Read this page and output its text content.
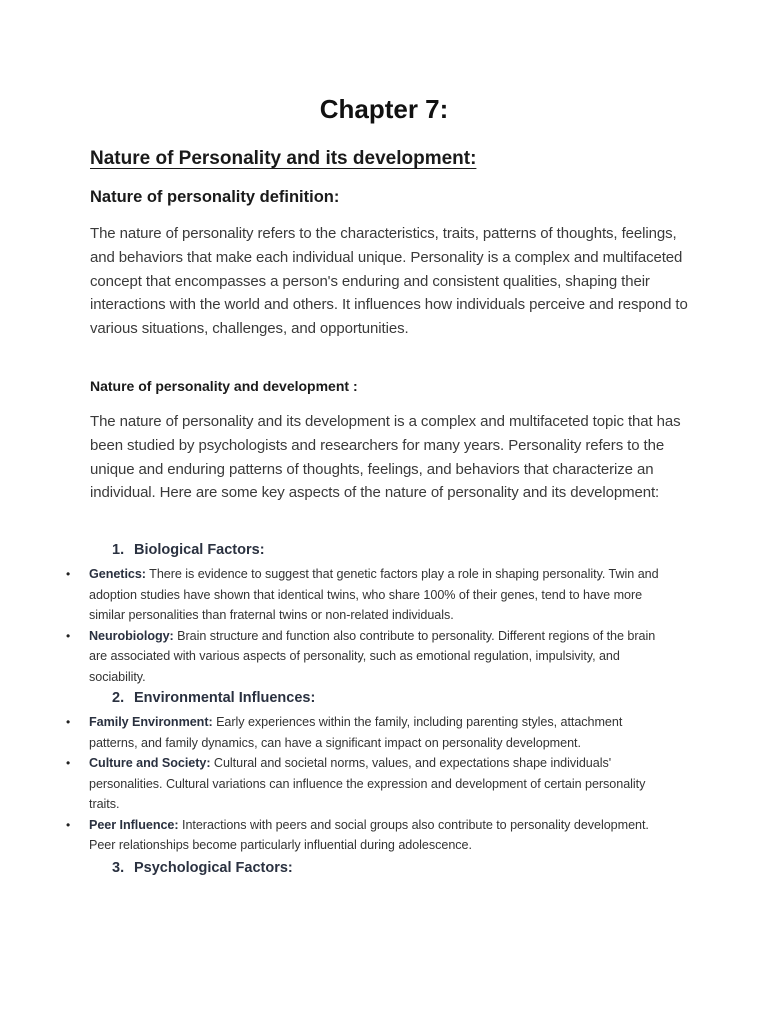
Chapter 7:
Nature of Personality and its development:
Nature of personality definition:

The nature of personality refers to the characteristics, traits, patterns of thoughts, feelings, and behaviors that make each individual unique. Personality is a complex and multifaceted concept that encompasses a person's enduring and consistent qualities, shaping their interactions with the world and others. It influences how individuals perceive and respond to various situations, challenges, and opportunities.

Nature of personality and development :

The nature of personality and its development is a complex and multifaceted topic that has been studied by psychologists and researchers for many years. Personality refers to the unique and enduring patterns of thoughts, feelings, and behaviors that characterize an individual. Here are some key aspects of the nature of personality and its development:

1. Biological Factors:
• Genetics: There is evidence to suggest that genetic factors play a role in shaping personality. Twin and adoption studies have shown that identical twins, who share 100% of their genes, tend to have more similar personalities than fraternal twins or non-related individuals.
• Neurobiology: Brain structure and function also contribute to personality. Different regions of the brain are associated with various aspects of personality, such as emotional regulation, impulsivity, and sociability.
2. Environmental Influences:
• Family Environment: Early experiences within the family, including parenting styles, attachment patterns, and family dynamics, can have a significant impact on personality development.
• Culture and Society: Cultural and societal norms, values, and expectations shape individuals' personalities. Cultural variations can influence the expression and development of certain personality traits.
• Peer Influence: Interactions with peers and social groups also contribute to personality development. Peer relationships become particularly influential during adolescence.
3. Psychological Factors:
